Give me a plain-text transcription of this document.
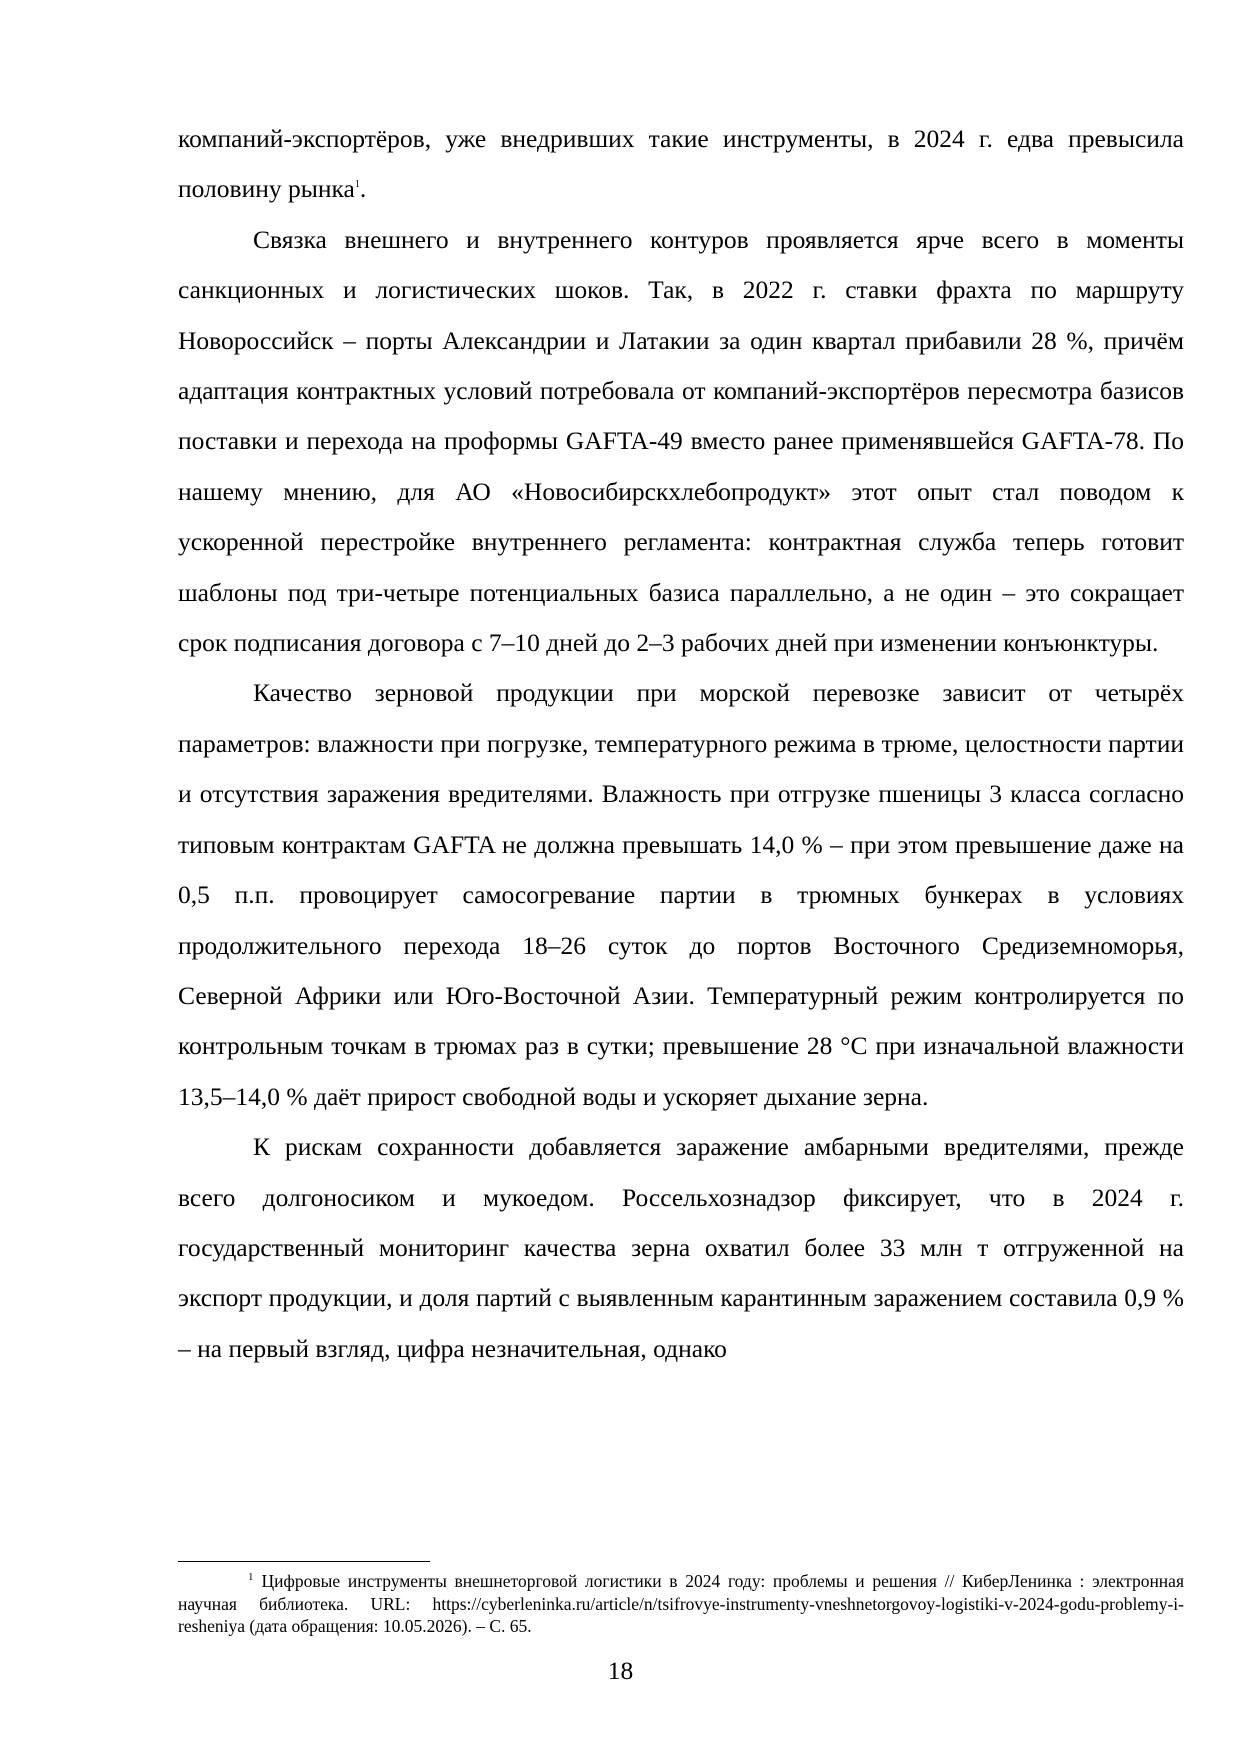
компаний-экспортёров, уже внедривших такие инструменты, в 2024 г. едва превысила половину рынка$^1$.

Связка внешнего и внутреннего контуров проявляется ярче всего в моменты санкционных и логистических шоков. Так, в 2022 г. ставки фрахта по маршруту Новороссийск – порты Александрии и Латакии за один квартал прибавили 28 %, причём адаптация контрактных условий потребовала от компаний-экспортёров пересмотра базисов поставки и перехода на проформы GAFTA-49 вместо ранее применявшейся GAFTA-78. По нашему мнению, для АО «Новосибирскхлебопродукт» этот опыт стал поводом к ускоренной перестройке внутреннего регламента: контрактная служба теперь готовит шаблоны под три-четыре потенциальных базиса параллельно, а не один – это сокращает срок подписания договора с 7–10 дней до 2–3 рабочих дней при изменении конъюнктуры.

Качество зерновой продукции при морской перевозке зависит от четырёх параметров: влажности при погрузке, температурного режима в трюме, целостности партии и отсутствия заражения вредителями. Влажность при отгрузке пшеницы 3 класса согласно типовым контрактам GAFTA не должна превышать 14,0 % – при этом превышение даже на 0,5 п.п. провоцирует самосогревание партии в трюмных бункерах в условиях продолжительного перехода 18–26 суток до портов Восточного Средиземноморья, Северной Африки или Юго-Восточной Азии. Температурный режим контролируется по контрольным точкам в трюмах раз в сутки; превышение 28 °С при изначальной влажности 13,5–14,0 % даёт прирост свободной воды и ускоряет дыхание зерна.

К рискам сохранности добавляется заражение амбарными вредителями, прежде всего долгоносиком и мукоедом. Россельхознадзор фиксирует, что в 2024 г. государственный мониторинг качества зерна охватил более 33 млн т отгруженной на экспорт продукции, и доля партий с выявленным карантинным заражением составила 0,9 % – на первый взгляд, цифра незначительная, однако

$^1$ Цифровые инструменты внешнеторговой логистики в 2024 году: проблемы и решения // КиберЛенинка : электронная научная библиотека. URL: https://cyberleninka.ru/article/n/tsifrovye-instrumenty-vneshnetorgovoy-logistiki-v-2024-godu-problemy-i-resheniya (дата обращения: 10.05.2026). – С. 65.

18
